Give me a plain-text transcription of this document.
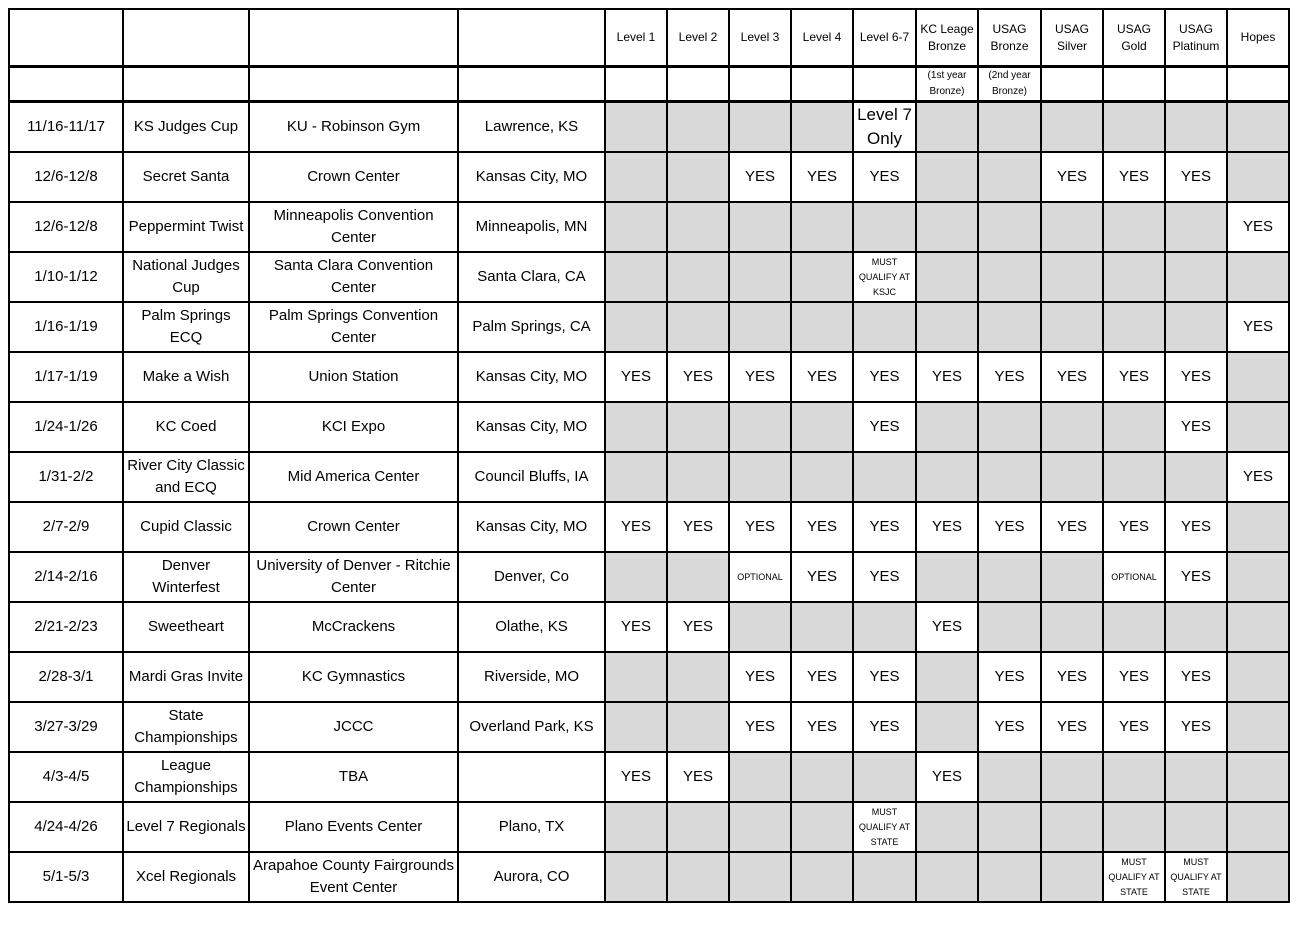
				Level 1	Level 2	Level 3	Level 4	Level 6-7	KC Leage Bronze	USAG Bronze	USAG Silver	USAG Gold	USAG Platinum	Hopes
									(1st year Bronze)	(2nd year Bronze)				
11/16-11/17	KS Judges Cup	KU - Robinson Gym	Lawrence, KS					Level 7 Only						
12/6-12/8	Secret Santa	Crown Center	Kansas City, MO			YES	YES	YES			YES	YES	YES	
12/6-12/8	Peppermint Twist	Minneapolis Convention Center	Minneapolis, MN											YES
1/10-1/12	National Judges Cup	Santa Clara Convention Center	Santa Clara, CA					MUST QUALIFY AT KSJC						
1/16-1/19	Palm Springs ECQ	Palm Springs Convention Center	Palm Springs, CA											YES
1/17-1/19	Make a Wish	Union Station	Kansas City, MO	YES	YES	YES	YES	YES	YES	YES	YES	YES	YES	
1/24-1/26	KC Coed	KCI Expo	Kansas City, MO					YES					YES	
1/31-2/2	River City Classic and ECQ	Mid America Center	Council Bluffs, IA											YES
2/7-2/9	Cupid Classic	Crown Center	Kansas City, MO	YES	YES	YES	YES	YES	YES	YES	YES	YES	YES	
2/14-2/16	Denver Winterfest	University of Denver - Ritchie Center	Denver, Co			OPTIONAL	YES	YES				OPTIONAL	YES	
2/21-2/23	Sweetheart	McCrackens	Olathe, KS	YES	YES				YES					
2/28-3/1	Mardi Gras Invite	KC Gymnastics	Riverside, MO			YES	YES	YES		YES	YES	YES	YES	
3/27-3/29	State Championships	JCCC	Overland Park, KS			YES	YES	YES		YES	YES	YES	YES	
4/3-4/5	League Championships	TBA		YES	YES				YES					
4/24-4/26	Level 7 Regionals	Plano Events Center	Plano, TX					MUST QUALIFY AT STATE						
5/1-5/3	Xcel Regionals	Arapahoe County Fairgrounds Event Center	Aurora, CO									MUST QUALIFY AT STATE	MUST QUALIFY AT STATE	
